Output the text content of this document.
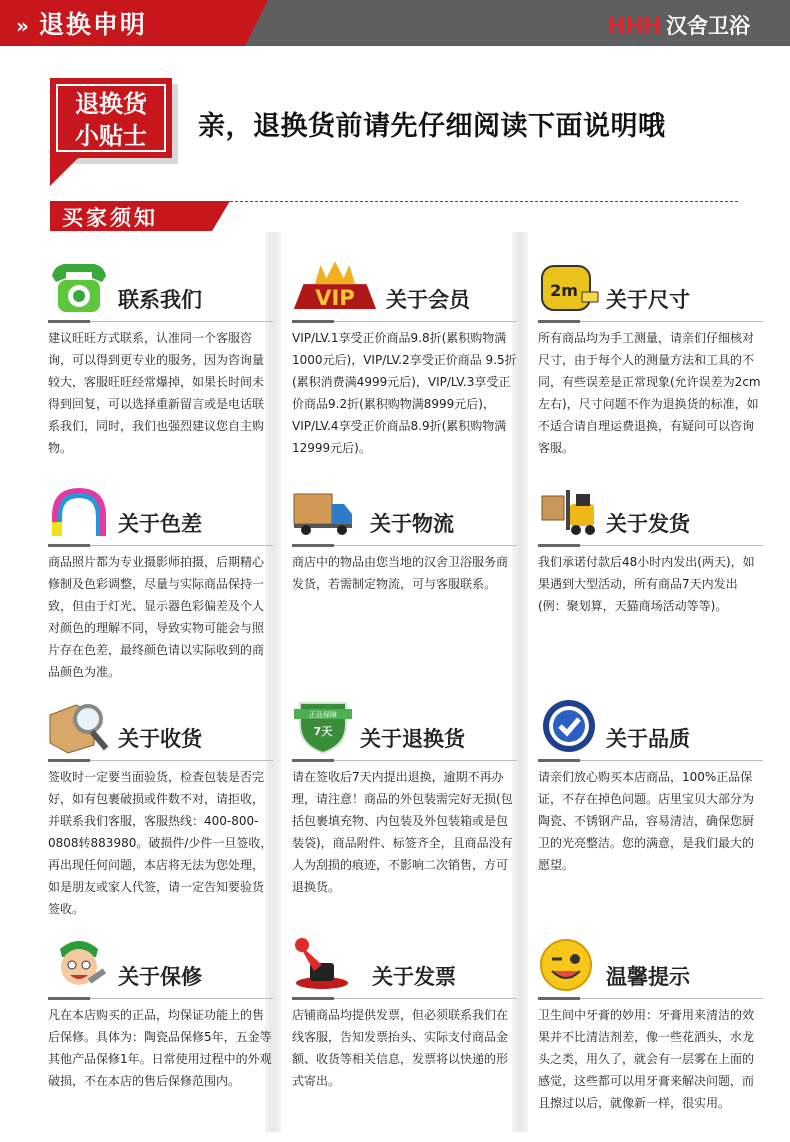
» 退换申明	HHH 汉舍卫浴
退换货
小贴士	亲，退换货前请先仔细阅读下面说明哦
买家须知
联系我们
建议旺旺方式联系，认准同一个客服咨询，可以得到更专业的服务，因为咨询量较大，客服旺旺经常爆掉，如果长时间未得到回复，可以选择重新留言或是电话联系我们，同时，我们也强烈建议您自主购物。
VIP 关于会员
VIP/LV.1享受正价商品9.8折(累积购物满1000元后)，VIP/LV.2享受正价商品 9.5折(累积消费满4999元后)，VIP/LV.3享受正价商品9.2折(累积购物满8999元后)，VIP/LV.4享受正价商品8.9折(累积购物满12999元后)。
2m 关于尺寸
所有商品均为手工测量，请亲们仔细核对尺寸，由于每个人的测量方法和工具的不同，有些误差是正常现象(允许误差为2cm左右)，尺寸问题不作为退换货的标准，如不适合请自理运费退换，有疑问可以咨询客服。
关于色差
商品照片都为专业摄影师拍摄，后期精心修制及色彩调整，尽量与实际商品保持一致，但由于灯光、显示器色彩偏差及个人对颜色的理解不同，导致实物可能会与照片存在色差，最终颜色请以实际收到的商品颜色为准。
关于物流
商店中的物品由您当地的汉舍卫浴服务商发货，若需制定物流，可与客服联系。
关于发货
我们承诺付款后48小时内发出(两天)，如果遇到大型活动，所有商品7天内发出(例：聚划算，天猫商场活动等等)。
关于收货
签收时一定要当面验货，检查包装是否完好，如有包裹破损或件数不对，请拒收，并联系我们客服，客服热线：400-800-0808转883980。破损件/少件一旦签收，再出现任何问题，本店将无法为您处理，如是朋友或家人代签，请一定告知要验货签收。
正品保障
7天 关于退换货
请在签收后7天内提出退换，逾期不再办理，请注意！商品的外包装需完好无损(包括包裹填充物、内包装及外包装箱或是包装袋)，商品附件、标签齐全，且商品没有人为刮损的痕迹，不影响二次销售，方可退换货。
关于品质
请亲们放心购买本店商品，100%正品保证，不存在掉色问题。店里宝贝大部分为陶瓷、不锈钢产品，容易清洁，确保您厨卫的光亮整洁。您的满意，是我们最大的愿望。
关于保修
凡在本店购买的正品，均保证功能上的售后保修。具体为：陶瓷品保修5年，五金等其他产品保修1年。日常使用过程中的外观破损，不在本店的售后保修范围内。
关于发票
店铺商品均提供发票，但必须联系我们在线客服，告知发票抬头、实际支付商品金额、收货等相关信息，发票将以快递的形式寄出。
温馨提示
卫生间中牙膏的妙用：牙膏用来清洁的效果并不比清洁剂差，像一些花洒头，水龙头之类，用久了，就会有一层雾在上面的感觉，这些都可以用牙膏来解决问题，而且擦过以后，就像新一样，很实用。
